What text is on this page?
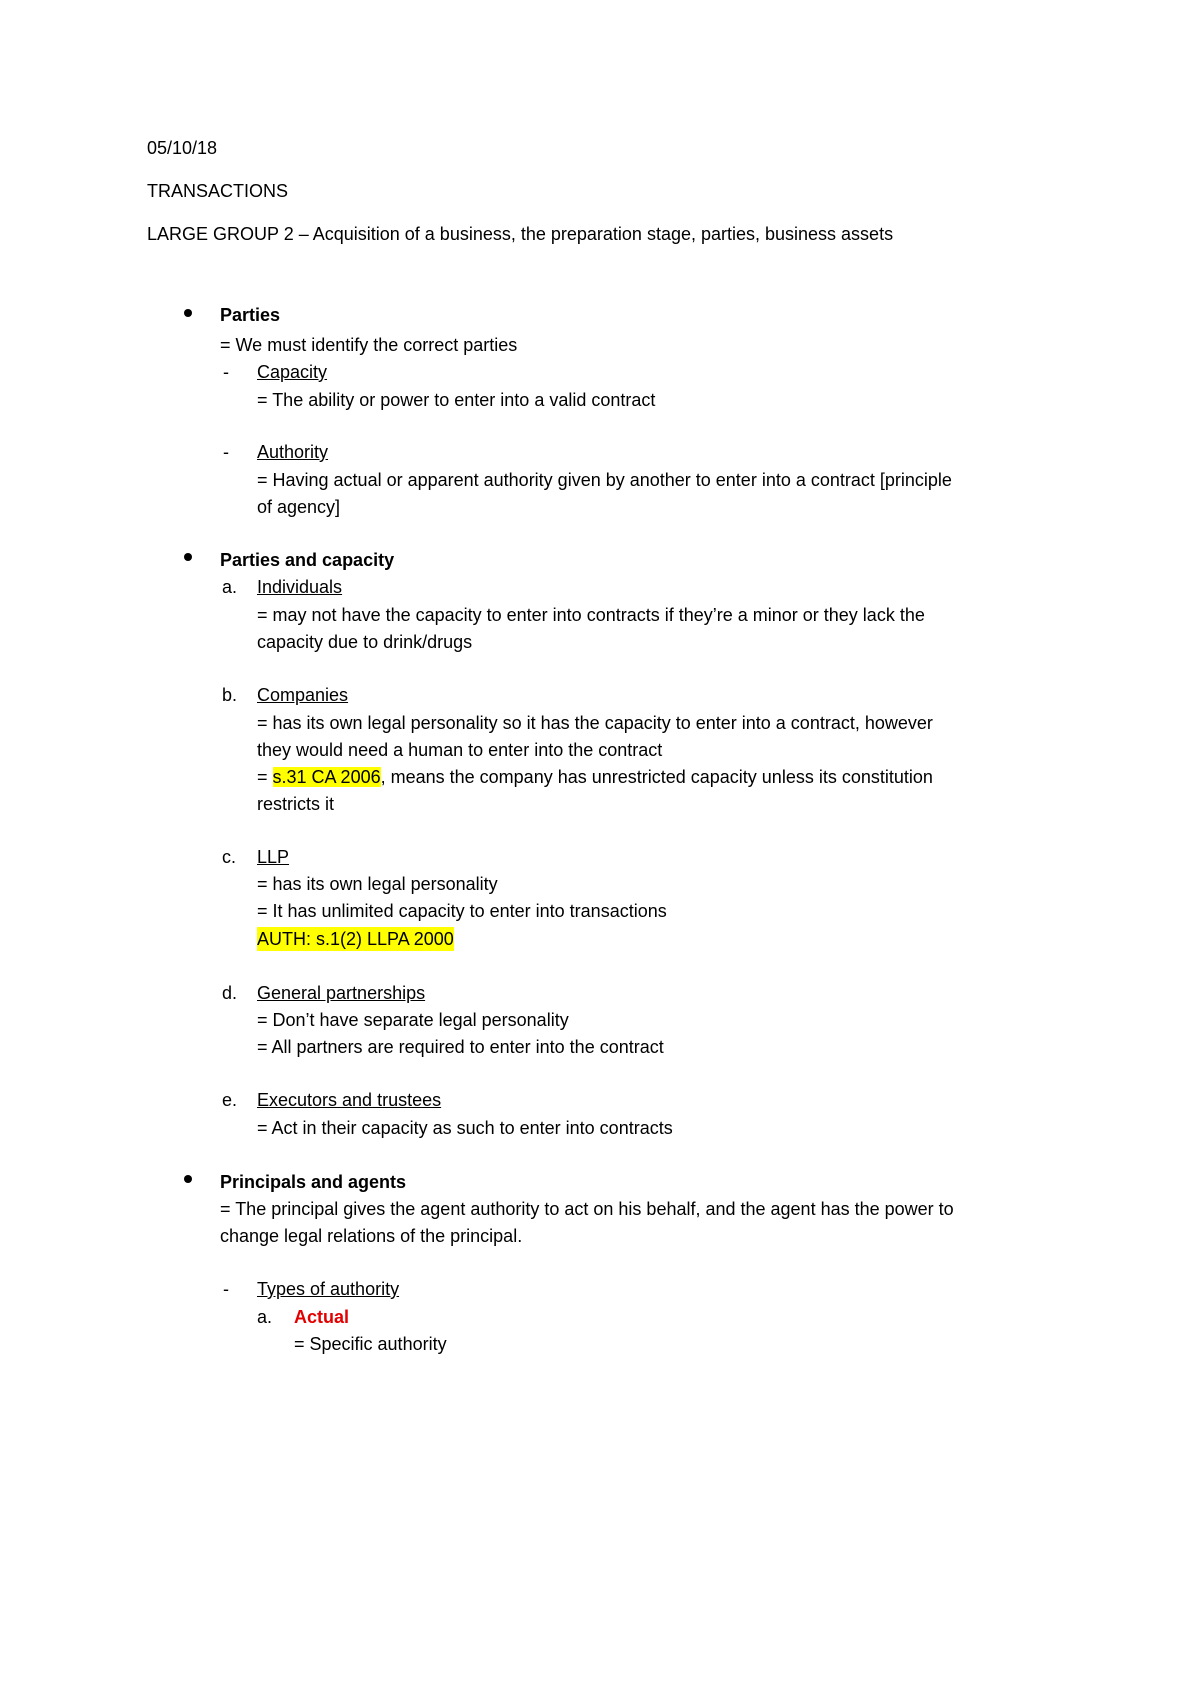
05/10/18
TRANSACTIONS
LARGE GROUP 2 – Acquisition of a business, the preparation stage, parties, business assets
Parties
= We must identify the correct parties
- Capacity
= The ability or power to enter into a valid contract
- Authority
= Having actual or apparent authority given by another to enter into a contract [principle
of agency]
Parties and capacity
a. Individuals
= may not have the capacity to enter into contracts if they’re a minor or they lack the
capacity due to drink/drugs
b. Companies
= has its own legal personality so it has the capacity to enter into a contract, however
they would need a human to enter into the contract
= s.31 CA 2006, means the company has unrestricted capacity unless its constitution
restricts it
c. LLP
= has its own legal personality
= It has unlimited capacity to enter into transactions
AUTH: s.1(2) LLPA 2000
d. General partnerships
= Don’t have separate legal personality
= All partners are required to enter into the contract
e. Executors and trustees
= Act in their capacity as such to enter into contracts
Principals and agents
= The principal gives the agent authority to act on his behalf, and the agent has the power to
change legal relations of the principal.
- Types of authority
a. Actual
= Specific authority
